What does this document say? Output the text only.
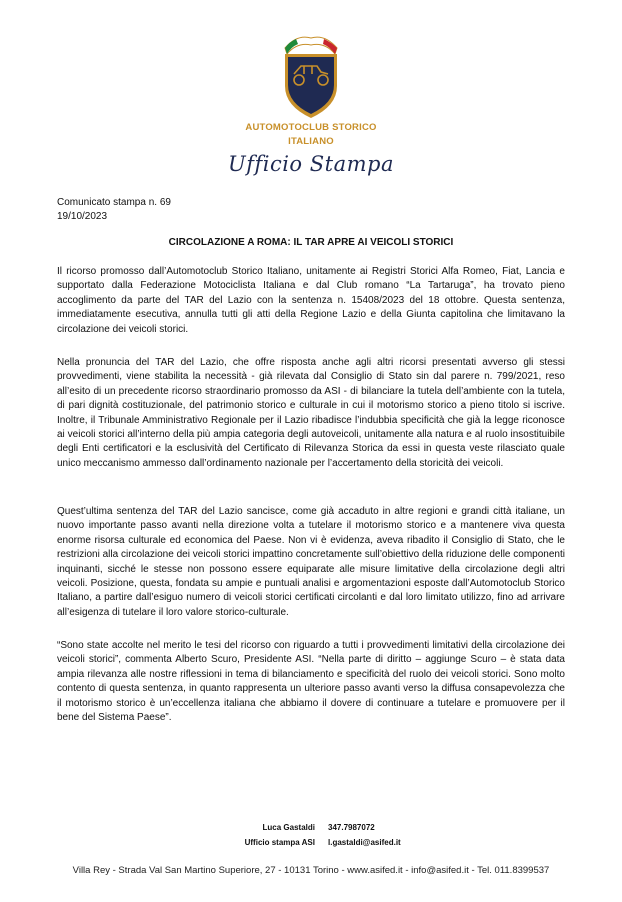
AUTOMOTOCLUB STORICO
ITALIANO
Ufficio Stampa
Comunicato stampa n. 69
19/10/2023
CIRCOLAZIONE A ROMA: IL TAR APRE AI VEICOLI STORICI

Il ricorso promosso dall’Automotoclub Storico Italiano, unitamente ai Registri Storici Alfa Romeo, Fiat, Lancia e supportato dalla Federazione Motociclista Italiana e dal Club romano “La Tartaruga”, ha trovato pieno accoglimento da parte del TAR del Lazio con la sentenza n. 15408/2023 del 18 ottobre. Questa sentenza, immediatamente esecutiva, annulla tutti gli atti della Regione Lazio e della Giunta capitolina che limitavano la circolazione dei veicoli storici.

Nella pronuncia del TAR del Lazio, che offre risposta anche agli altri ricorsi presentati avverso gli stessi provvedimenti, viene stabilita la necessità - già rilevata dal Consiglio di Stato sin dal parere n. 799/2021, reso all’esito di un precedente ricorso straordinario promosso da ASI - di bilanciare la tutela dell’ambiente con la tutela, di pari dignità costituzionale, del patrimonio storico e culturale in cui il motorismo storico a pieno titolo si iscrive. Inoltre, il Tribunale Amministrativo Regionale per il Lazio ribadisce l’indubbia specificità che già la legge riconosce ai veicoli storici all’interno della più ampia categoria degli autoveicoli, unitamente alla natura e al ruolo insostituibile degli Enti certificatori e la esclusività del Certificato di Rilevanza Storica da essi in questa veste rilasciato quale unico meccanismo ammesso dall’ordinamento nazionale per l’accertamento della storicità dei veicoli.

Quest’ultima sentenza del TAR del Lazio sancisce, come già accaduto in altre regioni e grandi città italiane, un nuovo importante passo avanti nella direzione volta a tutelare il motorismo storico e a mantenere viva questa enorme risorsa culturale ed economica del Paese. Non vi è evidenza, aveva ribadito il Consiglio di Stato, che le restrizioni alla circolazione dei veicoli storici impattino concretamente sull’obiettivo della riduzione delle componenti inquinanti, sicché le stesse non possono essere equiparate alle misure limitative della circolazione degli altri veicoli. Posizione, questa, fondata su ampie e puntuali analisi e argomentazioni esposte dall’Automotoclub Storico Italiano, a partire dall’esiguo numero di veicoli storici certificati circolanti e dal loro limitato utilizzo, fino ad arrivare all’esigenza di tutelare il loro valore storico-culturale.

“Sono state accolte nel merito le tesi del ricorso con riguardo a tutti i provvedimenti limitativi della circolazione dei veicoli storici”, commenta Alberto Scuro, Presidente ASI. “Nella parte di diritto – aggiunge Scuro – è stata data ampia rilevanza alle nostre riflessioni in tema di bilanciamento e specificità del ruolo dei veicoli storici. Sono molto contento di questa sentenza, in quanto rappresenta un ulteriore passo avanti verso la diffusa consapevolezza che il motorismo storico è un’eccellenza italiana che abbiamo il dovere di continuare a tutelare e promuovere per il bene del Sistema Paese”.

Luca Gastaldi
Ufficio stampa ASI
347.7987072
l.gastaldi@asifed.it
Villa Rey - Strada Val San Martino Superiore, 27 - 10131 Torino - www.asifed.it - info@asifed.it - Tel. 011.8399537
